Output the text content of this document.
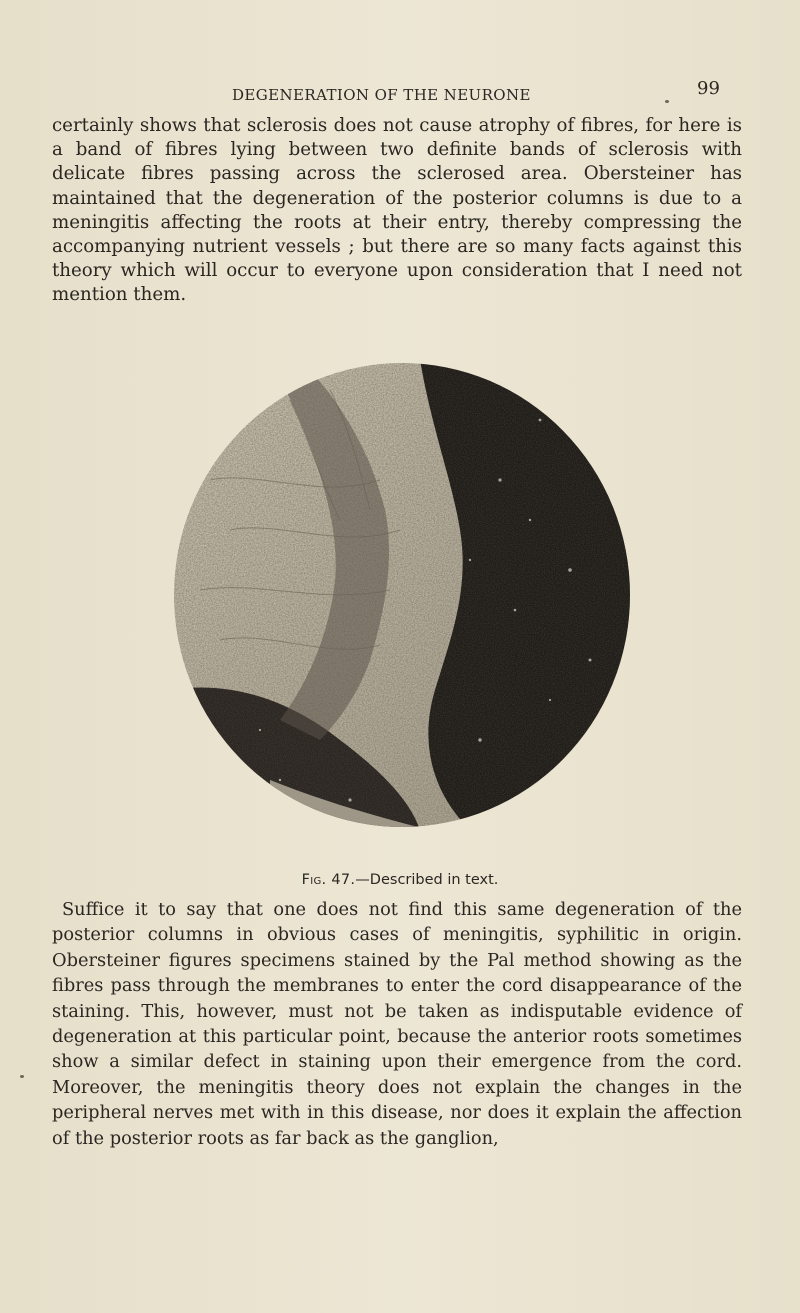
DEGENERATION OF THE NEURONE	99

certainly shows that sclerosis does not cause atrophy of fibres, for here is a band of fibres lying between two definite bands of sclerosis with delicate fibres passing across the sclerosed area. Obersteiner has maintained that the degeneration of the posterior columns is due to a meningitis affecting the roots at their entry, thereby compressing the accompanying nutrient vessels ; but there are so many facts against this theory which will occur to everyone upon consideration that I need not mention them.

Fig. 47.—Described in text.

Suffice it to say that one does not find this same degeneration of the posterior columns in obvious cases of meningitis, syphilitic in origin. Obersteiner figures specimens stained by the Pal method showing as the fibres pass through the membranes to enter the cord disappearance of the staining. This, however, must not be taken as indisputable evidence of degeneration at this particular point, because the anterior roots sometimes show a similar defect in staining upon their emergence from the cord. Moreover, the meningitis theory does not explain the changes in the peripheral nerves met with in this disease, nor does it explain the affection of the posterior roots as far back as the ganglion,
